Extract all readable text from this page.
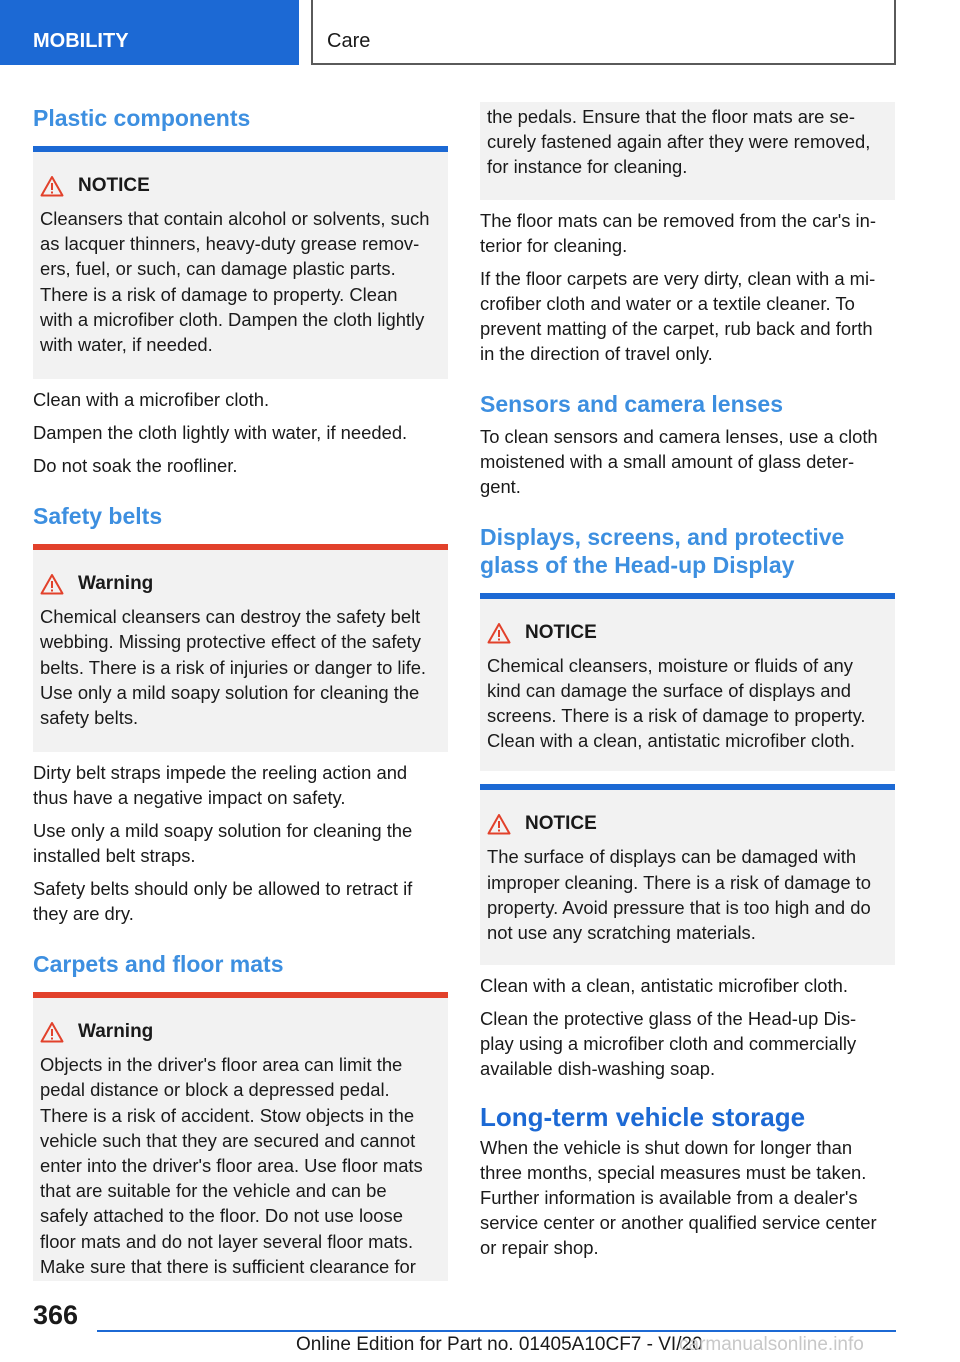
MOBILITY	Care
Plastic components
NOTICE

Cleansers that contain alcohol or solvents, such

as lacquer thinners, heavy-duty grease remov-

ers, fuel, or such, can damage plastic parts.

There is a risk of damage to property. Clean

with a microfiber cloth. Dampen the cloth lightly

with water, if needed.

Clean with a microfiber cloth.

Dampen the cloth lightly with water, if needed.

Do not soak the roofliner.

Safety belts
Warning

Chemical cleansers can destroy the safety belt

webbing. Missing protective effect of the safety

belts. There is a risk of injuries or danger to life.

Use only a mild soapy solution for cleaning the

safety belts.

Dirty belt straps impede the reeling action and

thus have a negative impact on safety.

Use only a mild soapy solution for cleaning the

installed belt straps.

Safety belts should only be allowed to retract if

they are dry.

Carpets and floor mats
Warning

Objects in the driver's floor area can limit the

pedal distance or block a depressed pedal.

There is a risk of accident. Stow objects in the

vehicle such that they are secured and cannot

enter into the driver's floor area. Use floor mats

that are suitable for the vehicle and can be

safely attached to the floor. Do not use loose

floor mats and do not layer several floor mats.

Make sure that there is sufficient clearance for

the pedals. Ensure that the floor mats are se-

curely fastened again after they were removed,

for instance for cleaning.

The floor mats can be removed from the car's in-

terior for cleaning.

If the floor carpets are very dirty, clean with a mi-

crofiber cloth and water or a textile cleaner. To

prevent matting of the carpet, rub back and forth

in the direction of travel only.

Sensors and camera lenses

To clean sensors and camera lenses, use a cloth

moistened with a small amount of glass deter-

gent.

Displays, screens, and protective
glass of the Head-up Display
NOTICE

Chemical cleansers, moisture or fluids of any

kind can damage the surface of displays and

screens. There is a risk of damage to property.

Clean with a clean, antistatic microfiber cloth.

NOTICE

The surface of displays can be damaged with

improper cleaning. There is a risk of damage to

property. Avoid pressure that is too high and do

not use any scratching materials.

Clean with a clean, antistatic microfiber cloth.

Clean the protective glass of the Head-up Dis-

play using a microfiber cloth and commercially

available dish-washing soap.

Long-term vehicle storage

When the vehicle is shut down for longer than

three months, special measures must be taken.

Further information is available from a dealer's

service center or another qualified service center

or repair shop.

366
Online Edition for Part no. 01405A10CF7 - VI/20
carmanualsonline.info
